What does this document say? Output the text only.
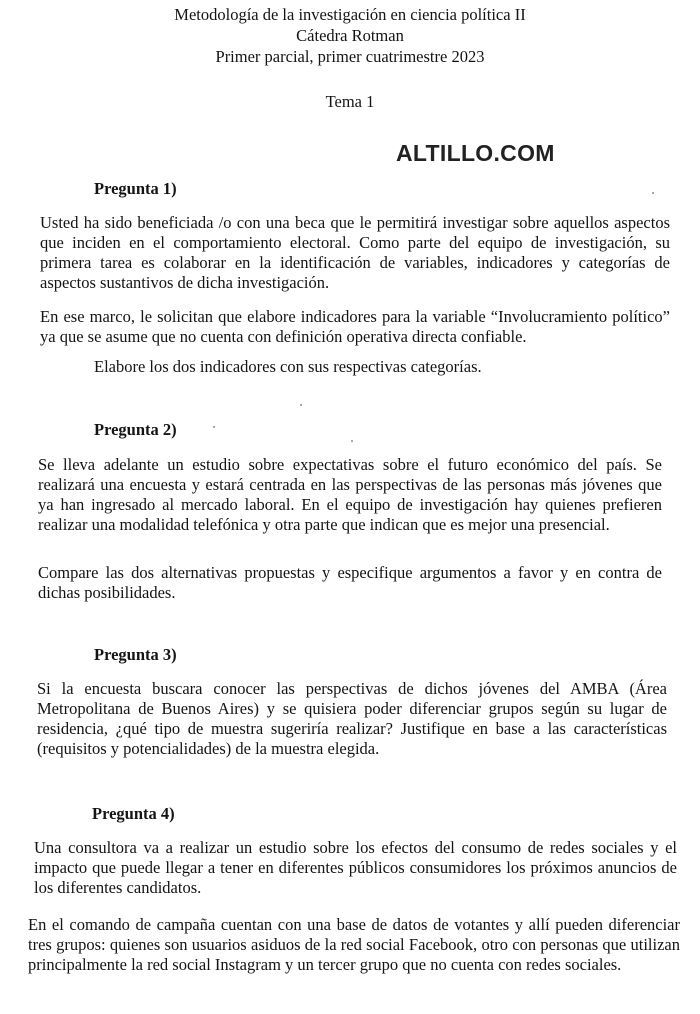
Metodología de la investigación en ciencia política II
Cátedra Rotman
Primer parcial, primer cuatrimestre 2023
Tema 1
ALTILLO.COM
Pregunta 1)
Usted ha sido beneficiada /o con una beca que le permitirá investigar sobre aquellos aspectos que inciden en el comportamiento electoral. Como parte del equipo de investigación, su primera tarea es colaborar en la identificación de variables, indicadores y categorías de aspectos sustantivos de dicha investigación.
En ese marco, le solicitan que elabore indicadores para la variable “Involucramiento político” ya que se asume que no cuenta con definición operativa directa confiable.
Elabore los dos indicadores con sus respectivas categorías.
Pregunta 2)
Se lleva adelante un estudio sobre expectativas sobre el futuro económico del país. Se realizará una encuesta y estará centrada en las perspectivas de las personas más jóvenes que ya han ingresado al mercado laboral. En el equipo de investigación hay quienes prefieren realizar una modalidad telefónica y otra parte que indican que es mejor una presencial.
Compare las dos alternativas propuestas y especifique argumentos a favor y en contra de dichas posibilidades.
Pregunta 3)
Si la encuesta buscara conocer las perspectivas de dichos jóvenes del AMBA (Área Metropolitana de Buenos Aires) y se quisiera poder diferenciar grupos según su lugar de residencia, ¿qué tipo de muestra sugeriría realizar? Justifique en base a las características (requisitos y potencialidades) de la muestra elegida.
Pregunta 4)
Una consultora va a realizar un estudio sobre los efectos del consumo de redes sociales y el impacto que puede llegar a tener en diferentes públicos consumidores los próximos anuncios de los diferentes candidatos.
En el comando de campaña cuentan con una base de datos de votantes y allí pueden diferenciar tres grupos: quienes son usuarios asiduos de la red social Facebook, otro con personas que utilizan principalmente la red social Instagram y un tercer grupo que no cuenta con redes sociales.
